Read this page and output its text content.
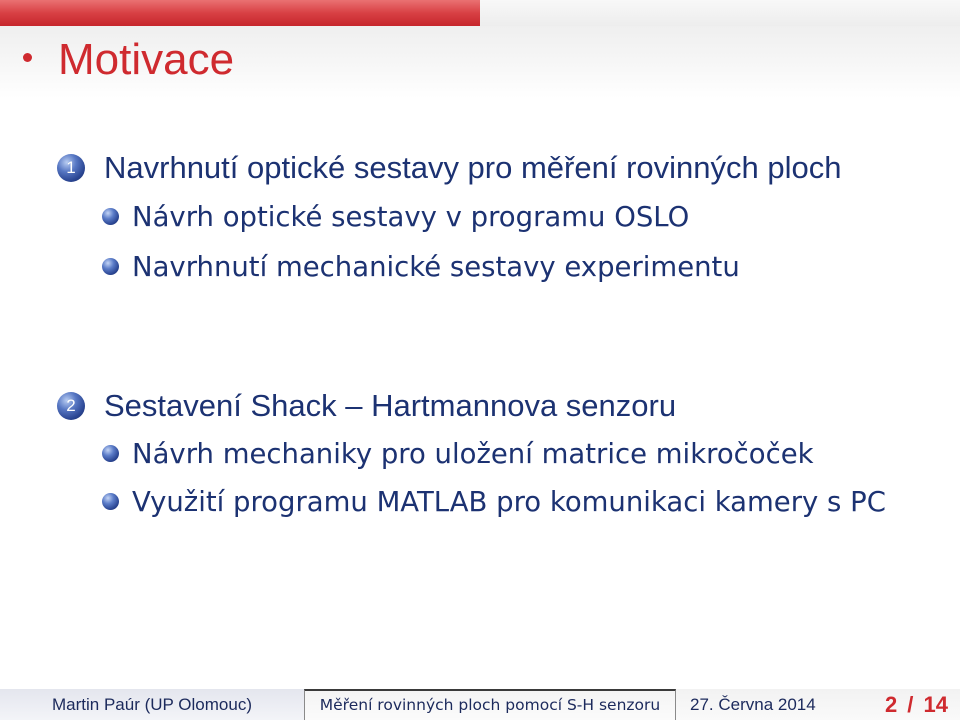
Motivace
1 Navrhnutí optické sestavy pro měření rovinných ploch
Návrh optické sestavy v programu OSLO
Navrhnutí mechanické sestavy experimentu
2 Sestavení Shack – Hartmannova senzoru
Návrh mechaniky pro uložení matrice mikročoček
Využití programu MATLAB pro komunikaci kamery s PC
Martin Paúr (UP Olomouc)	Měření rovinných ploch pomocí S-H senzoru	27. Června 2014	2 / 14
